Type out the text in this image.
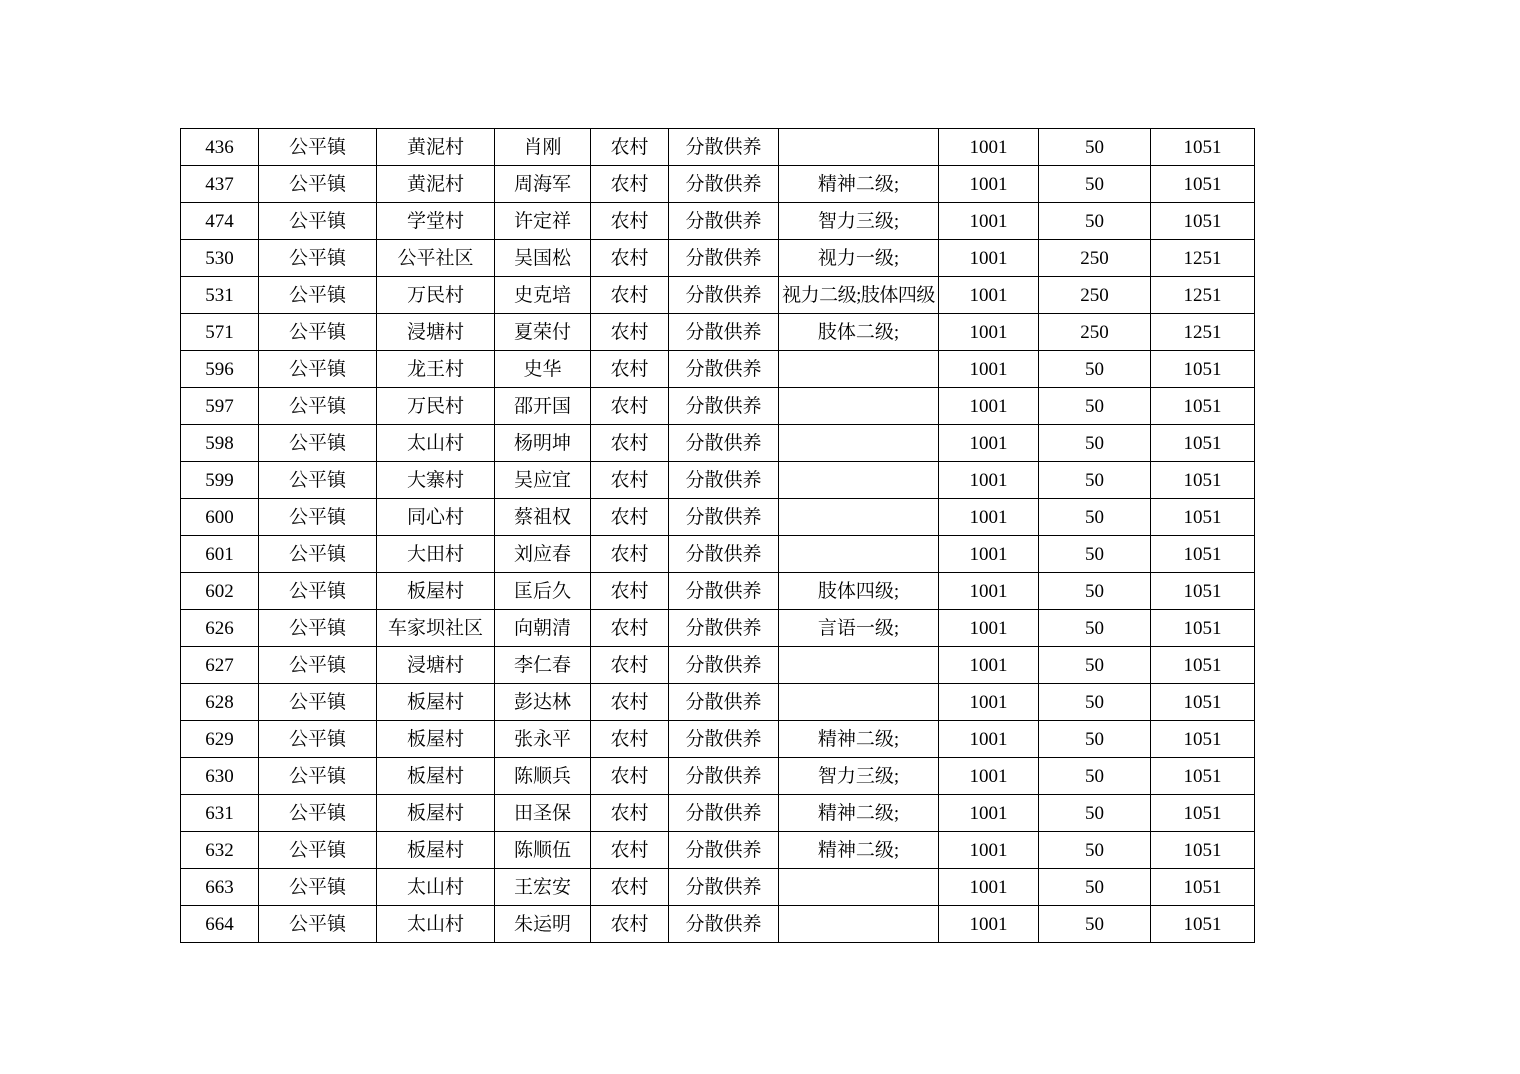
436	公平镇	黄泥村	肖刚	农村	分散供养		1001	50	1051
437	公平镇	黄泥村	周海军	农村	分散供养	精神二级;	1001	50	1051
474	公平镇	学堂村	许定祥	农村	分散供养	智力三级;	1001	50	1051
530	公平镇	公平社区	吴国松	农村	分散供养	视力一级;	1001	250	1251
531	公平镇	万民村	史克培	农村	分散供养	视力二级;肢体四级	1001	250	1251
571	公平镇	浸塘村	夏荣付	农村	分散供养	肢体二级;	1001	250	1251
596	公平镇	龙王村	史华	农村	分散供养		1001	50	1051
597	公平镇	万民村	邵开国	农村	分散供养		1001	50	1051
598	公平镇	太山村	杨明坤	农村	分散供养		1001	50	1051
599	公平镇	大寨村	吴应宜	农村	分散供养		1001	50	1051
600	公平镇	同心村	蔡祖权	农村	分散供养		1001	50	1051
601	公平镇	大田村	刘应春	农村	分散供养		1001	50	1051
602	公平镇	板屋村	匡后久	农村	分散供养	肢体四级;	1001	50	1051
626	公平镇	车家坝社区	向朝清	农村	分散供养	言语一级;	1001	50	1051
627	公平镇	浸塘村	李仁春	农村	分散供养		1001	50	1051
628	公平镇	板屋村	彭达林	农村	分散供养		1001	50	1051
629	公平镇	板屋村	张永平	农村	分散供养	精神二级;	1001	50	1051
630	公平镇	板屋村	陈顺兵	农村	分散供养	智力三级;	1001	50	1051
631	公平镇	板屋村	田圣保	农村	分散供养	精神二级;	1001	50	1051
632	公平镇	板屋村	陈顺伍	农村	分散供养	精神二级;	1001	50	1051
663	公平镇	太山村	王宏安	农村	分散供养		1001	50	1051
664	公平镇	太山村	朱运明	农村	分散供养		1001	50	1051
